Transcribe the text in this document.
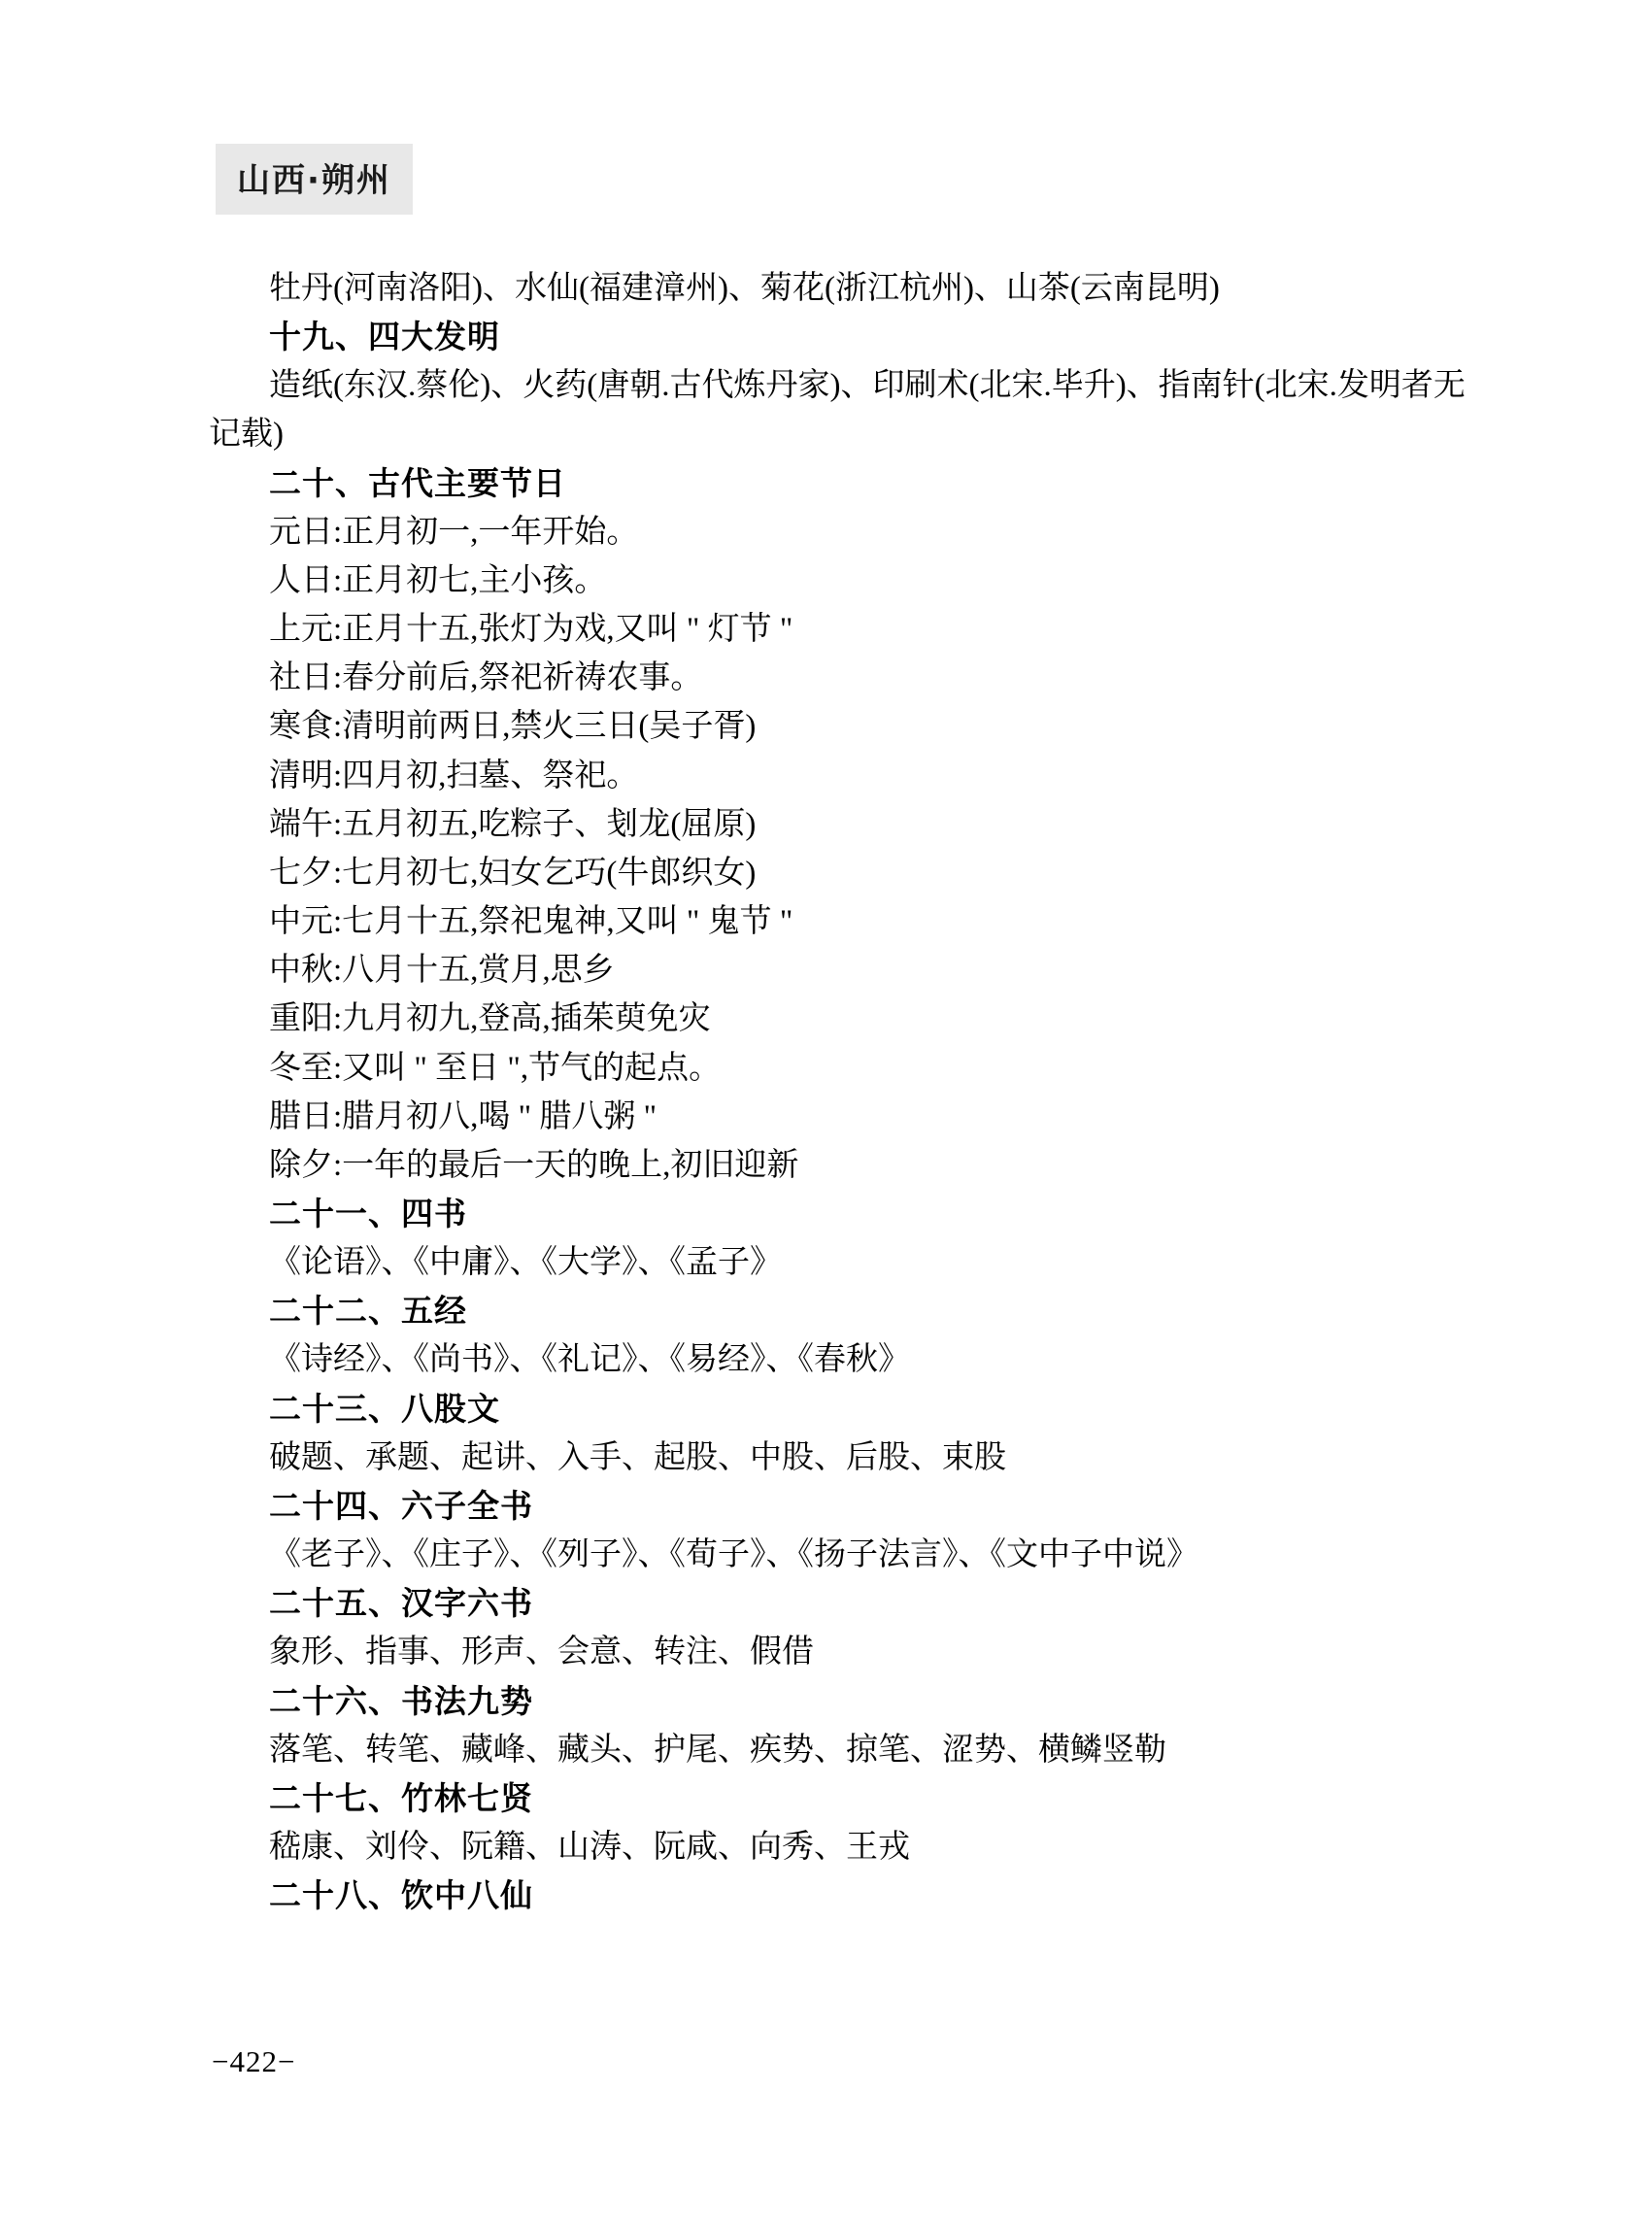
山西·朔州
牡丹(河南洛阳)、水仙(福建漳州)、菊花(浙江杭州)、山茶(云南昆明)
十九、四大发明
造纸(东汉.蔡伦)、火药(唐朝.古代炼丹家)、印刷术(北宋.毕升)、指南针(北宋.发明者无记载)
二十、古代主要节日
元日:正月初一,一年开始。
人日:正月初七,主小孩。
上元:正月十五,张灯为戏,又叫 " 灯节 "
社日:春分前后,祭祀祈祷农事。
寒食:清明前两日,禁火三日(吴子胥)
清明:四月初,扫墓、祭祀。
端午:五月初五,吃粽子、刬龙(屈原)
七夕:七月初七,妇女乞巧(牛郎织女)
中元:七月十五,祭祀鬼神,又叫 " 鬼节 "
中秋:八月十五,赏月,思乡
重阳:九月初九,登高,插茱萸免灾
冬至:又叫 " 至日 ",节气的起点。
腊日:腊月初八,喝 " 腊八粥 "
除夕:一年的最后一天的晚上,初旧迎新
二十一、四书
《论语》、《中庸》、《大学》、《孟子》
二十二、五经
《诗经》、《尚书》、《礼记》、《易经》、《春秋》
二十三、八股文
破题、承题、起讲、入手、起股、中股、后股、束股
二十四、六子全书
《老子》、《庄子》、《列子》、《荀子》、《扬子法言》、《文中子中说》
二十五、汉字六书
象形、指事、形声、会意、转注、假借
二十六、书法九势
落笔、转笔、藏峰、藏头、护尾、疾势、掠笔、涩势、横鳞竖勒
二十七、竹林七贤
嵇康、刘伶、阮籍、山涛、阮咸、向秀、王戎
二十八、饮中八仙
−422−
